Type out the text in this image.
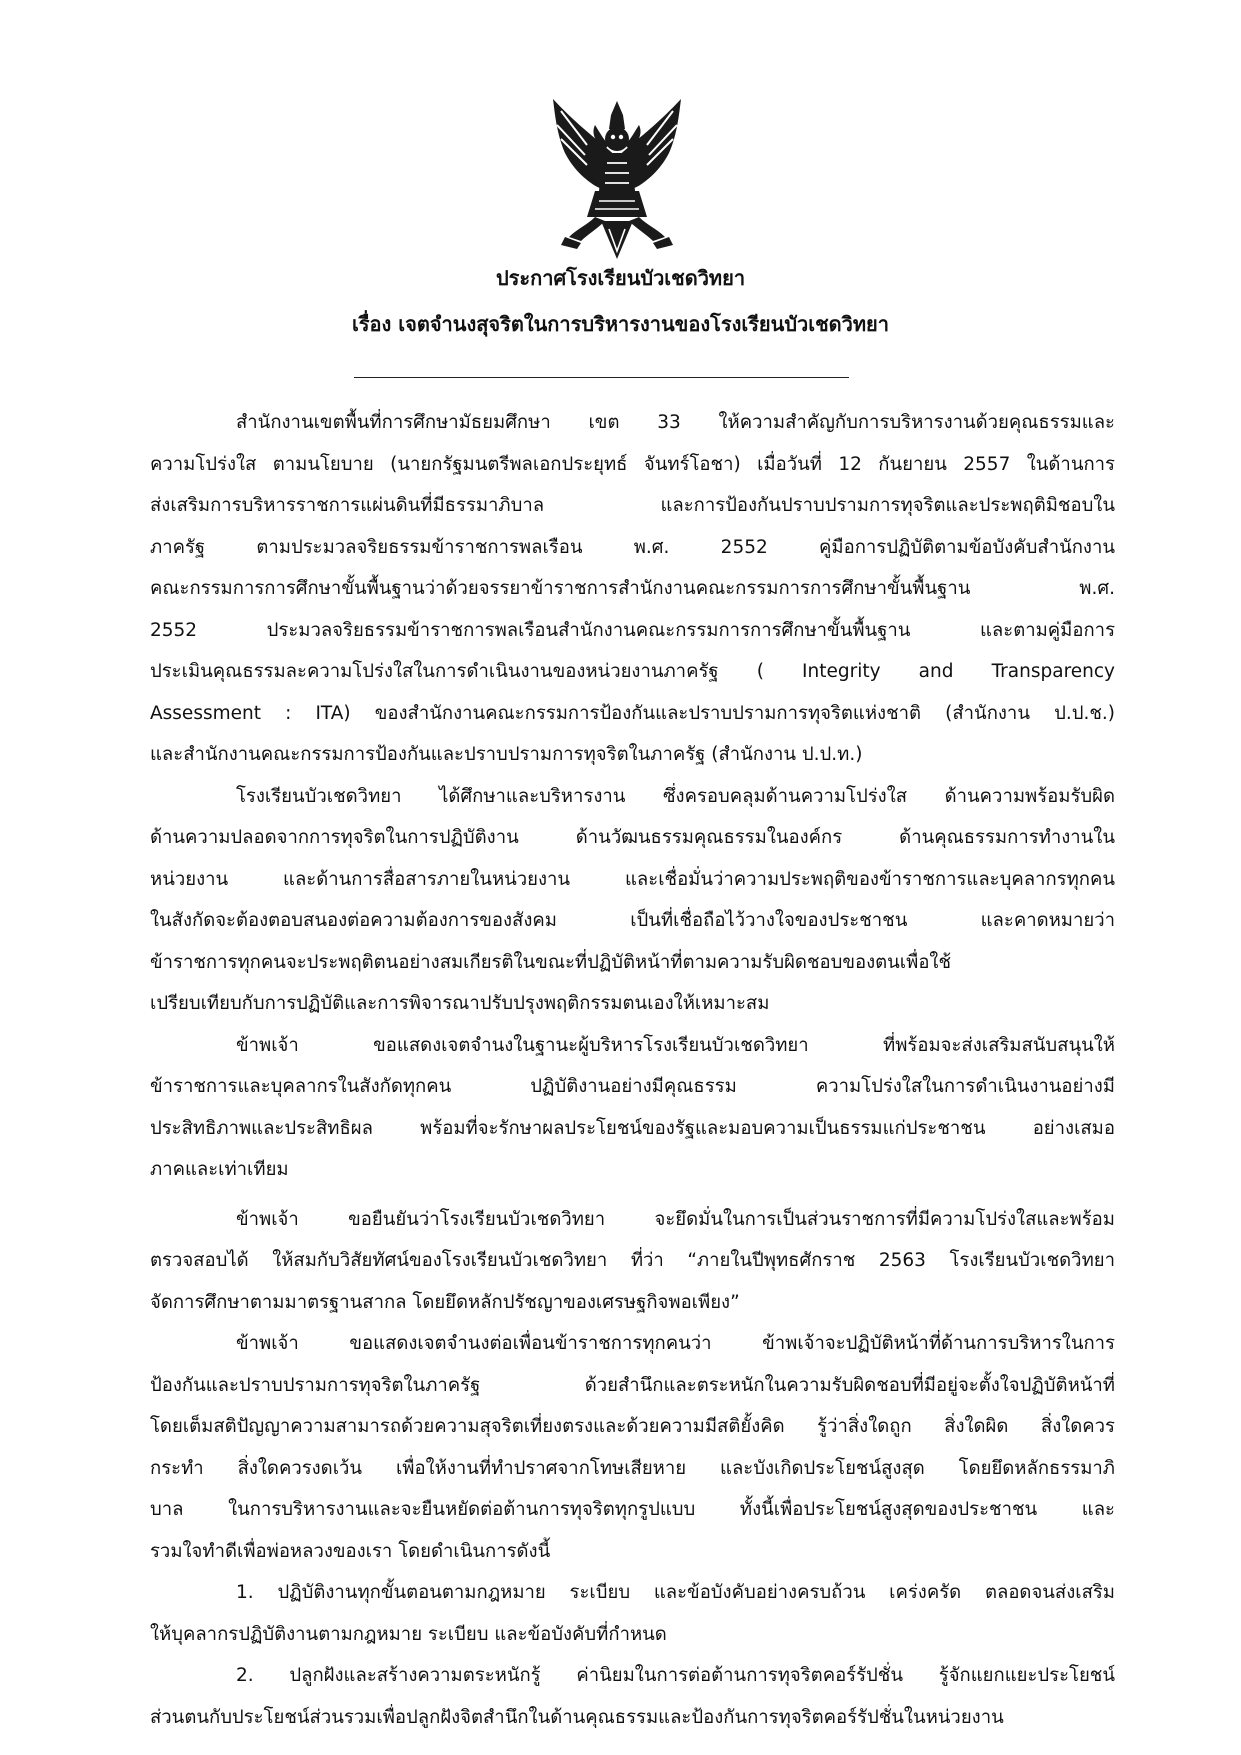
ประกาศโรงเรียนบัวเชดวิทยา
เรื่อง เจตจำนงสุจริตในการบริหารงานของโรงเรียนบัวเชดวิทยา
สำนักงานเขตพื้นที่การศึกษามัธยมศึกษา เขต 33 ให้ความสำคัญกับการบริหารงานด้วยคุณธรรมและ
ความโปร่งใส ตามนโยบาย (นายกรัฐมนตรีพลเอกประยุทธ์ จันทร์โอชา) เมื่อวันที่ 12 กันยายน 2557 ในด้านการ
ส่งเสริมการบริหารราชการแผ่นดินที่มีธรรมาภิบาล และการป้องกันปราบปรามการทุจริตและประพฤติมิชอบใน
ภาครัฐ ตามประมวลจริยธรรมข้าราชการพลเรือน พ.ศ. 2552 คู่มือการปฏิบัติตามข้อบังคับสำนักงาน
คณะกรรมการการศึกษาขั้นพื้นฐานว่าด้วยจรรยาข้าราชการสำนักงานคณะกรรมการการศึกษาขั้นพื้นฐาน พ.ศ.
2552 ประมวลจริยธรรมข้าราชการพลเรือนสำนักงานคณะกรรมการการศึกษาขั้นพื้นฐาน และตามคู่มือการ
ประเมินคุณธรรมละความโปร่งใสในการดำเนินงานของหน่วยงานภาครัฐ ( Integrity and Transparency
Assessment : ITA) ของสำนักงานคณะกรรมการป้องกันและปราบปรามการทุจริตแห่งชาติ (สำนักงาน ป.ป.ช.)
และสำนักงานคณะกรรมการป้องกันและปราบปรามการทุจริตในภาครัฐ (สำนักงาน ป.ป.ท.)
โรงเรียนบัวเชดวิทยา ได้ศึกษาและบริหารงาน ซึ่งครอบคลุมด้านความโปร่งใส ด้านความพร้อมรับผิด
ด้านความปลอดจากการทุจริตในการปฏิบัติงาน ด้านวัฒนธรรมคุณธรรมในองค์กร ด้านคุณธรรมการทำงานใน
หน่วยงาน และด้านการสื่อสารภายในหน่วยงาน และเชื่อมั่นว่าความประพฤติของข้าราชการและบุคลากรทุกคน
ในสังกัดจะต้องตอบสนองต่อความต้องการของสังคม เป็นที่เชื่อถือไว้วางใจของประชาชน และคาดหมายว่า
ข้าราชการทุกคนจะประพฤติตนอย่างสมเกียรติในขณะที่ปฏิบัติหน้าที่ตามความรับผิดชอบของตนเพื่อใช้
เปรียบเทียบกับการปฏิบัติและการพิจารณาปรับปรุงพฤติกรรมตนเองให้เหมาะสม
ข้าพเจ้า ขอแสดงเจตจำนงในฐานะผู้บริหารโรงเรียนบัวเชดวิทยา ที่พร้อมจะส่งเสริมสนับสนุนให้
ข้าราชการและบุคลากรในสังกัดทุกคน ปฏิบัติงานอย่างมีคุณธรรม ความโปร่งใสในการดำเนินงานอย่างมี
ประสิทธิภาพและประสิทธิผล พร้อมที่จะรักษาผลประโยชน์ของรัฐและมอบความเป็นธรรมแก่ประชาชน อย่างเสมอ
ภาคและเท่าเทียม
ข้าพเจ้า ขอยืนยันว่าโรงเรียนบัวเชดวิทยา จะยึดมั่นในการเป็นส่วนราชการที่มีความโปร่งใสและพร้อม
ตรวจสอบได้ ให้สมกับวิสัยทัศน์ของโรงเรียนบัวเชดวิทยา ที่ว่า “ภายในปีพุทธศักราช 2563 โรงเรียนบัวเชดวิทยา
จัดการศึกษาตามมาตรฐานสากล โดยยึดหลักปรัชญาของเศรษฐกิจพอเพียง”
ข้าพเจ้า ขอแสดงเจตจำนงต่อเพื่อนข้าราชการทุกคนว่า ข้าพเจ้าจะปฏิบัติหน้าที่ด้านการบริหารในการ
ป้องกันและปราบปรามการทุจริตในภาครัฐ ด้วยสำนึกและตระหนักในความรับผิดชอบที่มีอยู่จะตั้งใจปฏิบัติหน้าที่
โดยเต็มสติปัญญาความสามารถด้วยความสุจริตเที่ยงตรงและด้วยความมีสติยั้งคิด รู้ว่าสิ่งใดถูก สิ่งใดผิด สิ่งใดควร
กระทำ สิ่งใดควรงดเว้น เพื่อให้งานที่ทำปราศจากโทษเสียหาย และบังเกิดประโยชน์สูงสุด โดยยึดหลักธรรมาภิ
บาล ในการบริหารงานและจะยืนหยัดต่อต้านการทุจริตทุกรูปแบบ ทั้งนี้เพื่อประโยชน์สูงสุดของประชาชน และ
รวมใจทำดีเพื่อพ่อหลวงของเรา โดยดำเนินการดังนี้
1. ปฏิบัติงานทุกขั้นตอนตามกฎหมาย ระเบียบ และข้อบังคับอย่างครบถ้วน เคร่งครัด ตลอดจนส่งเสริม
ให้บุคลากรปฏิบัติงานตามกฎหมาย ระเบียบ และข้อบังคับที่กำหนด
2. ปลูกฝังและสร้างความตระหนักรู้ ค่านิยมในการต่อต้านการทุจริตคอร์รัปชั่น รู้จักแยกแยะประโยชน์
ส่วนตนกับประโยชน์ส่วนรวมเพื่อปลูกฝังจิตสำนึกในด้านคุณธรรมและป้องกันการทุจริตคอร์รัปชั่นในหน่วยงาน
